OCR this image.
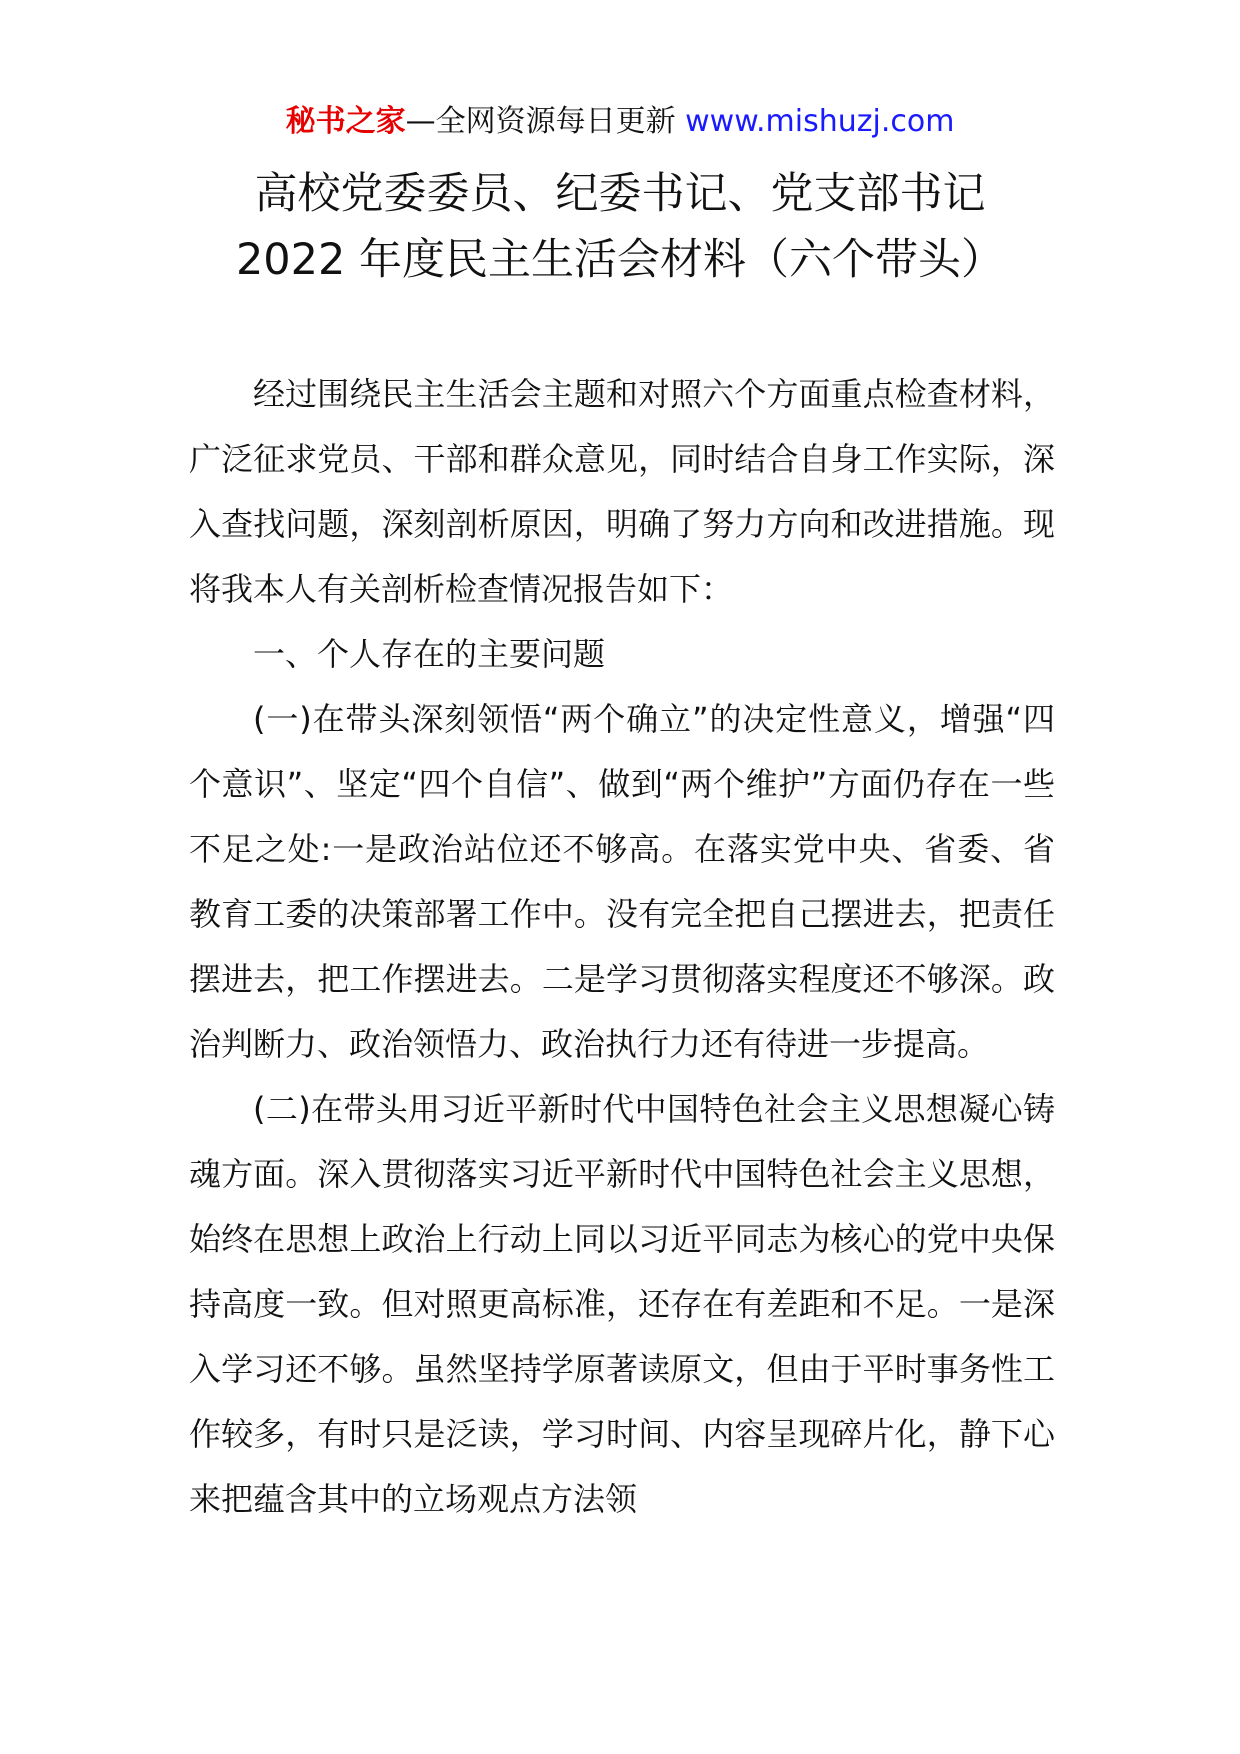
秘书之家—全网资源每日更新 www.mishuzj.com
高校党委委员、纪委书记、党支部书记
2022 年度民主生活会材料（六个带头）

经过围绕民主生活会主题和对照六个方面重点检查材料，广泛征求党员、干部和群众意见，同时结合自身工作实际，深入查找问题，深刻剖析原因，明确了努力方向和改进措施。现将我本人有关剖析检查情况报告如下：

一、个人存在的主要问题

(一)在带头深刻领悟“两个确立”的决定性意义，增强“四个意识”、坚定“四个自信”、做到“两个维护”方面仍存在一些不足之处:一是政治站位还不够高。在落实党中央、省委、省教育工委的决策部署工作中。没有完全把自己摆进去，把责任摆进去，把工作摆进去。二是学习贯彻落实程度还不够深。政治判断力、政治领悟力、政治执行力还有待进一步提高。

(二)在带头用习近平新时代中国特色社会主义思想凝心铸魂方面。深入贯彻落实习近平新时代中国特色社会主义思想，始终在思想上政治上行动上同以习近平同志为核心的党中央保持高度一致。但对照更高标准，还存在有差距和不足。一是深入学习还不够。虽然坚持学原著读原文，但由于平时事务性工作较多，有时只是泛读，学习时间、内容呈现碎片化，静下心来把蕴含其中的立场观点方法领
